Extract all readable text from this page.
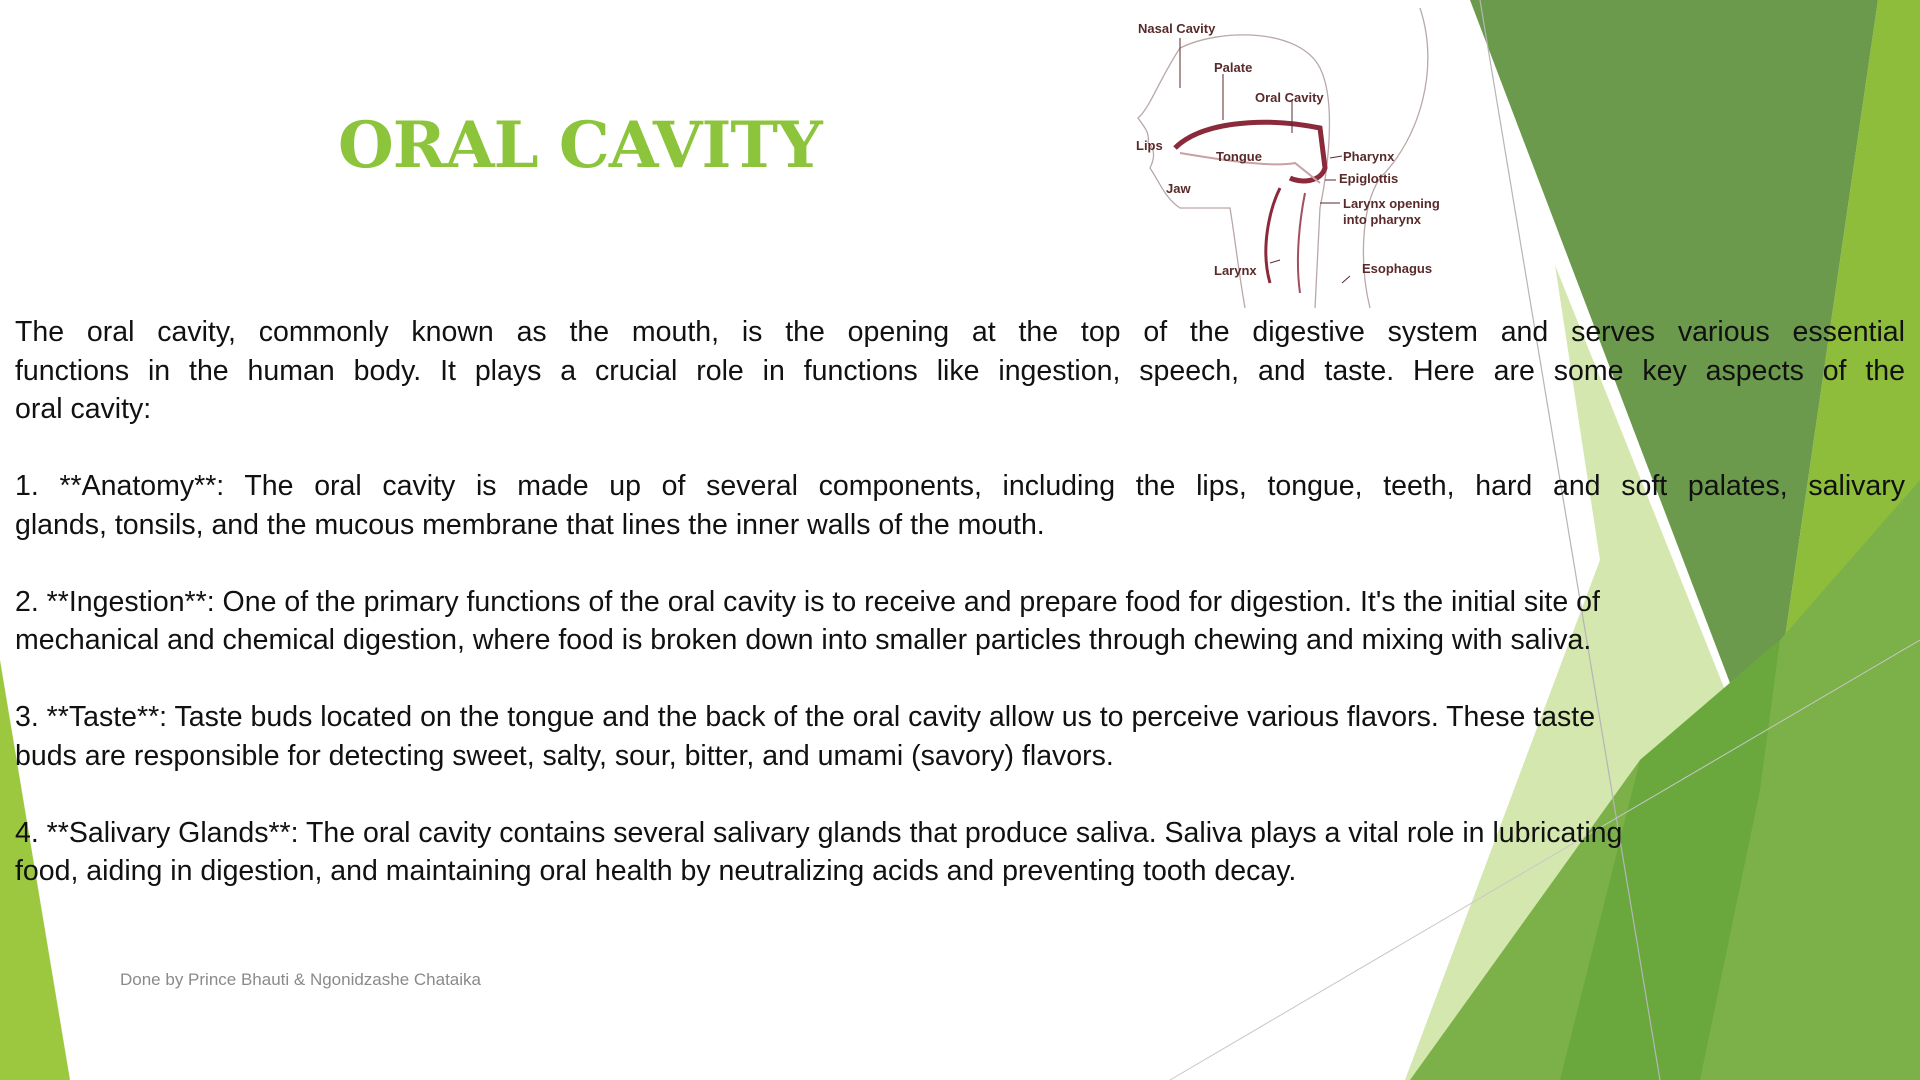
ORAL CAVITY
Nasal Cavity
Palate
Oral Cavity
Lips
Tongue
Jaw
Pharynx
Epiglottis
Larynx opening
into pharynx
Larynx	Esophagus
The oral cavity, commonly known as the mouth, is the opening at the top of the digestive system and serves various essential
functions in the human body. It plays a crucial role in functions like ingestion, speech, and taste. Here are some key aspects of the
oral cavity:
1. **Anatomy**: The oral cavity is made up of several components, including the lips, tongue, teeth, hard and soft palates, salivary
glands, tonsils, and the mucous membrane that lines the inner walls of the mouth.
2. **Ingestion**: One of the primary functions of the oral cavity is to receive and prepare food for digestion. It's the initial site of
mechanical and chemical digestion, where food is broken down into smaller particles through chewing and mixing with saliva.
3. **Taste**: Taste buds located on the tongue and the back of the oral cavity allow us to perceive various flavors. These taste
buds are responsible for detecting sweet, salty, sour, bitter, and umami (savory) flavors.
4. **Salivary Glands**: The oral cavity contains several salivary glands that produce saliva. Saliva plays a vital role in lubricating
food, aiding in digestion, and maintaining oral health by neutralizing acids and preventing tooth decay.
Done by Prince Bhauti & Ngonidzashe Chataika
